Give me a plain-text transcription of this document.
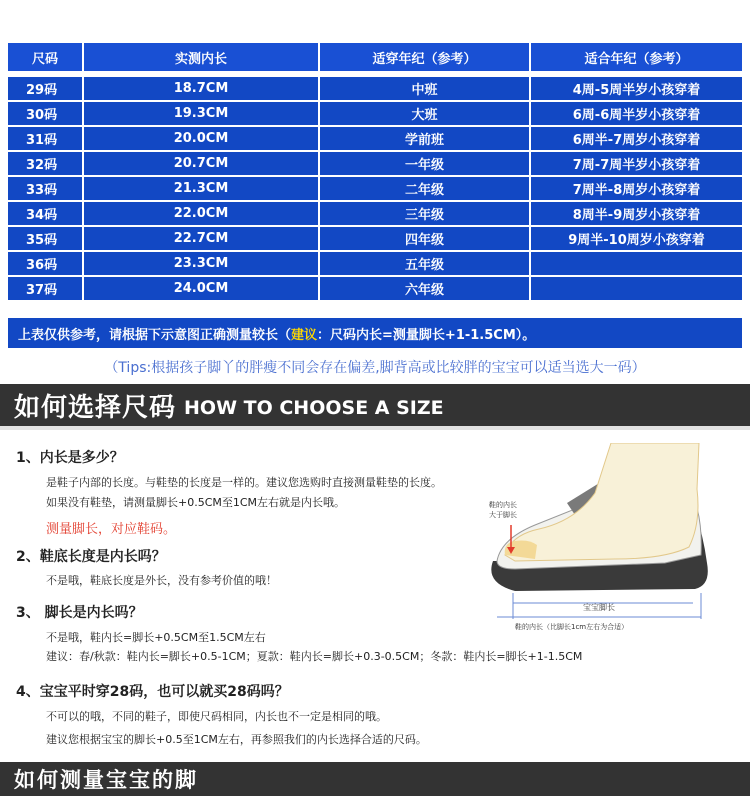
尺码	实测内长	适穿年纪（参考）	适合年纪（参考）
29码	18.7CM	中班	4周-5周半岁小孩穿着
30码	19.3CM	大班	6周-6周半岁小孩穿着
31码	20.0CM	学前班	6周半-7周岁小孩穿着
32码	20.7CM	一年级	7周-7周半岁小孩穿着
33码	21.3CM	二年级	7周半-8周岁小孩穿着
34码	22.0CM	三年级	8周半-9周岁小孩穿着
35码	22.7CM	四年级	9周半-10周岁小孩穿着
36码	23.3CM	五年级
37码	24.0CM	六年级
上表仅供参考，请根据下示意图正确测量较长（ 建议 ：尺码内长=测量脚长+1-1.5CM）。
（Tips:根据孩子脚丫的胖瘦不同会存在偏差,脚背高或比较胖的宝宝可以适当选大一码）
如何选择尺码 HOW TO CHOOSE A SIZE
1、内长是多少？
是鞋子内部的长度。与鞋垫的长度是一样的。建议您选购时直接测量鞋垫的长度。
如果没有鞋垫，请测量脚长+0.5CM至1CM左右就是内长哦。
测量脚长，对应鞋码。
2、鞋底长度是内长吗？
不是哦，鞋底长度是外长，没有参考价值的哦！
3、 脚长是内长吗？
不是哦，鞋内长=脚长+0.5CM至1.5CM左右
建议：春/秋款：鞋内长=脚长+0.5-1CM；夏款：鞋内长=脚长+0.3-0.5CM；冬款：鞋内长=脚长+1-1.5CM
4、宝宝平时穿28码，也可以就买28码吗？
不可以的哦，不同的鞋子，即使尺码相同，内长也不一定是相同的哦。
建议您根据宝宝的脚长+0.5至1CM左右，再参照我们的内长选择合适的尺码。
鞋的内长
大于脚长
宝宝脚长
鞋的内长（比脚长1cm左右为合适）
如何测量宝宝的脚
